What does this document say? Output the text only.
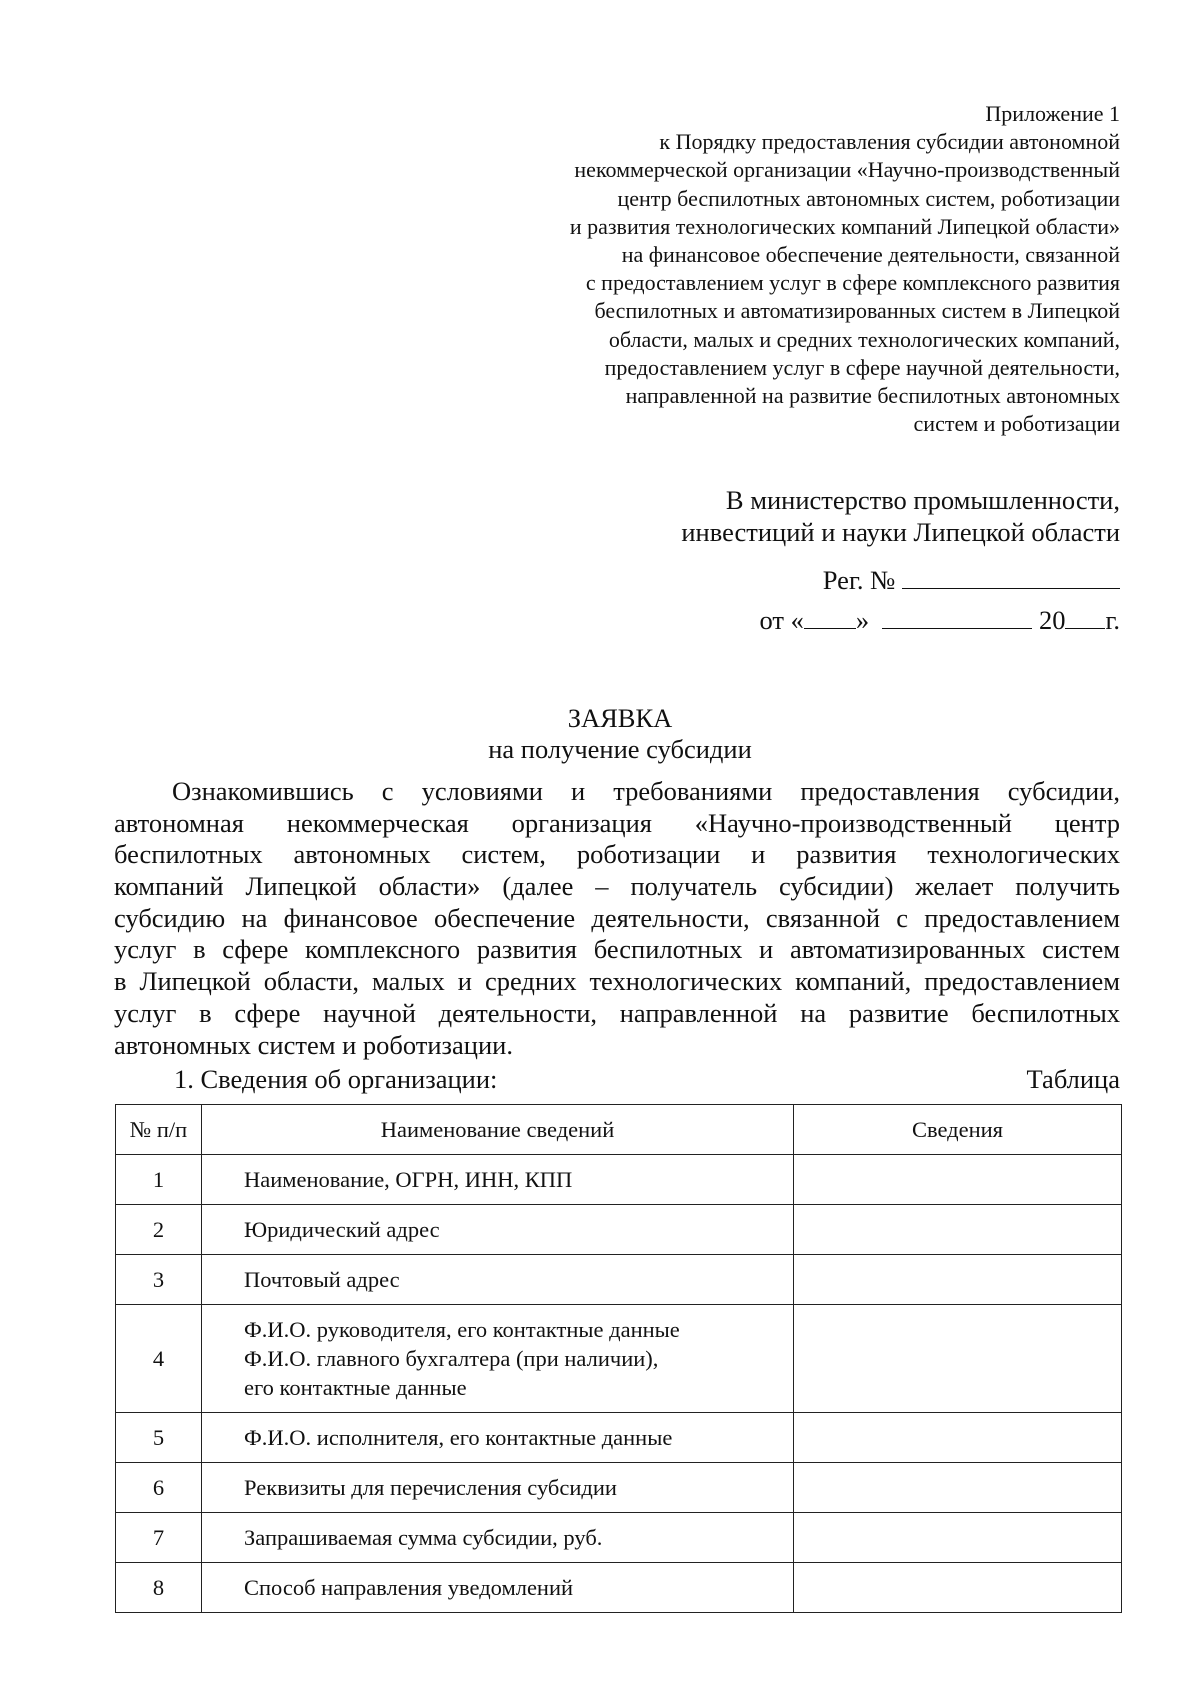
Приложение 1
к Порядку предоставления субсидии автономной
некоммерческой организации «Научно-производственный
центр беспилотных автономных систем, роботизации
и развития технологических компаний Липецкой области»
на финансовое обеспечение деятельности, связанной
с предоставлением услуг в сфере комплексного развития
беспилотных и автоматизированных систем в Липецкой
области, малых и средних технологических компаний,
предоставлением услуг в сфере научной деятельности,
направленной на развитие беспилотных автономных
систем и роботизации
В министерство промышленности,
инвестиций и науки Липецкой области
Рег. №
от « »	20 г.
ЗАЯВКА
на получение субсидии
Ознакомившись с условиями и требованиями предоставления субсидии,
автономная некоммерческая организация «Научно-производственный центр
беспилотных автономных систем, роботизации и развития технологических
компаний Липецкой области» (далее – получатель субсидии) желает получить
субсидию на финансовое обеспечение деятельности, связанной с предоставлением
услуг в сфере комплексного развития беспилотных и автоматизированных систем
в Липецкой области, малых и средних технологических компаний, предоставлением
услуг в сфере научной деятельности, направленной на развитие беспилотных
автономных систем и роботизации.
1. Сведения об организации:	Таблица
№ п/п	Наименование сведений	Сведения
1	Наименование, ОГРН, ИНН, КПП	
2	Юридический адрес	
3	Почтовый адрес	
4	Ф.И.О. руководителя, его контактные данные
Ф.И.О. главного бухгалтера (при наличии),
его контактные данные	

5	Ф.И.О. исполнителя, его контактные данные	
6	Реквизиты для перечисления субсидии	
7	Запрашиваемая сумма субсидии, руб.	
8	Способ направления уведомлений	
